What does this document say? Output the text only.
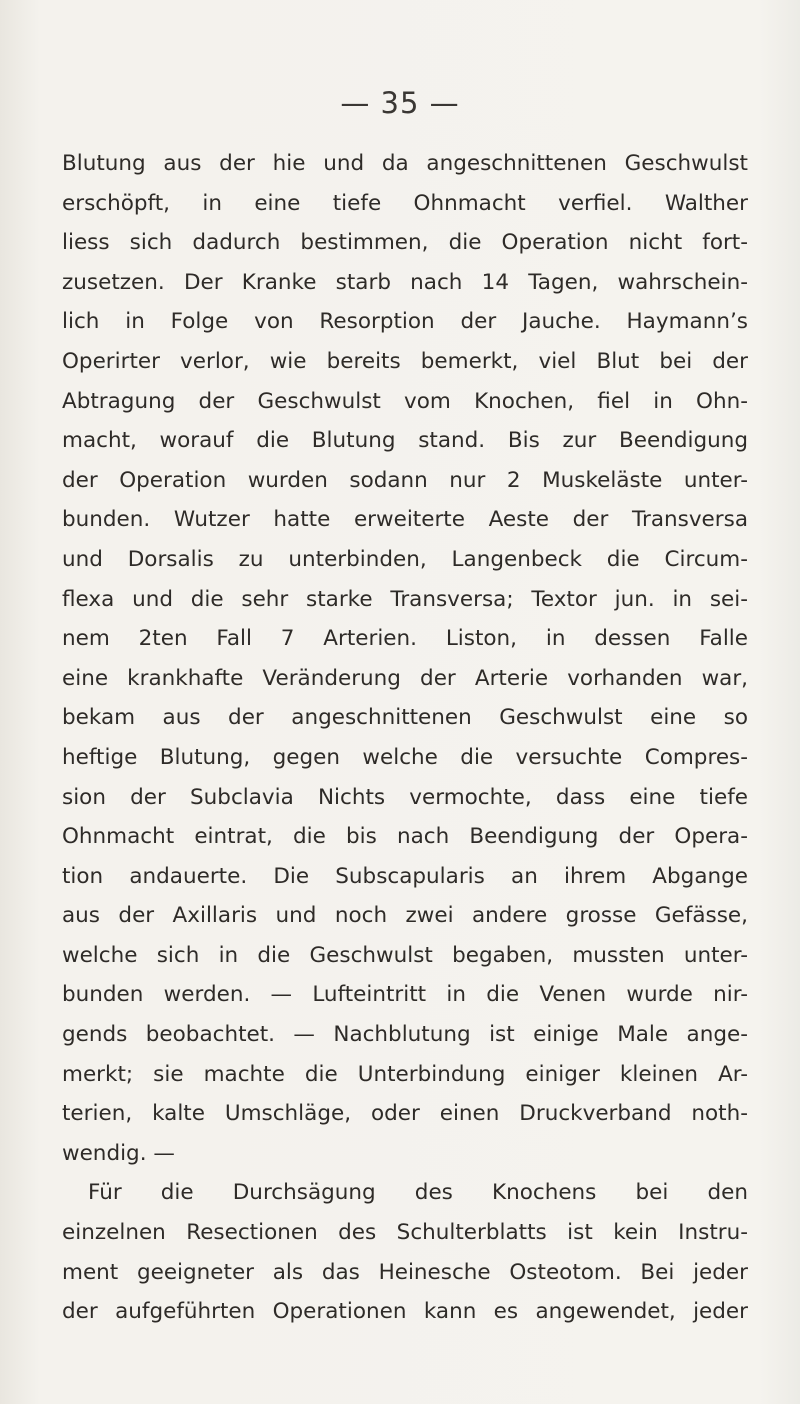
— 35 —
Blutung aus der hie und da angeschnittenen Geschwulst
erschöpft, in eine tiefe Ohnmacht verfiel. Walther
liess sich dadurch bestimmen, die Operation nicht fort-
zusetzen. Der Kranke starb nach 14 Tagen, wahrschein-
lich in Folge von Resorption der Jauche. Haymann’s
Operirter verlor, wie bereits bemerkt, viel Blut bei der
Abtragung der Geschwulst vom Knochen, fiel in Ohn-
macht, worauf die Blutung stand. Bis zur Beendigung
der Operation wurden sodann nur 2 Muskeläste unter-
bunden. Wutzer hatte erweiterte Aeste der Transversa
und Dorsalis zu unterbinden, Langenbeck die Circum-
flexa und die sehr starke Transversa; Textor jun. in sei-
nem 2ten Fall 7 Arterien. Liston, in dessen Falle
eine krankhafte Veränderung der Arterie vorhanden war,
bekam aus der angeschnittenen Geschwulst eine so
heftige Blutung, gegen welche die versuchte Compres-
sion der Subclavia Nichts vermochte, dass eine tiefe
Ohnmacht eintrat, die bis nach Beendigung der Opera-
tion andauerte. Die Subscapularis an ihrem Abgange
aus der Axillaris und noch zwei andere grosse Gefässe,
welche sich in die Geschwulst begaben, mussten unter-
bunden werden. — Lufteintritt in die Venen wurde nir-
gends beobachtet. — Nachblutung ist einige Male ange-
merkt; sie machte die Unterbindung einiger kleinen Ar-
terien, kalte Umschläge, oder einen Druckverband noth-
wendig. —
Für die Durchsägung des Knochens bei den
einzelnen Resectionen des Schulterblatts ist kein Instru-
ment geeigneter als das Heinesche Osteotom. Bei jeder
der aufgeführten Operationen kann es angewendet, jeder
